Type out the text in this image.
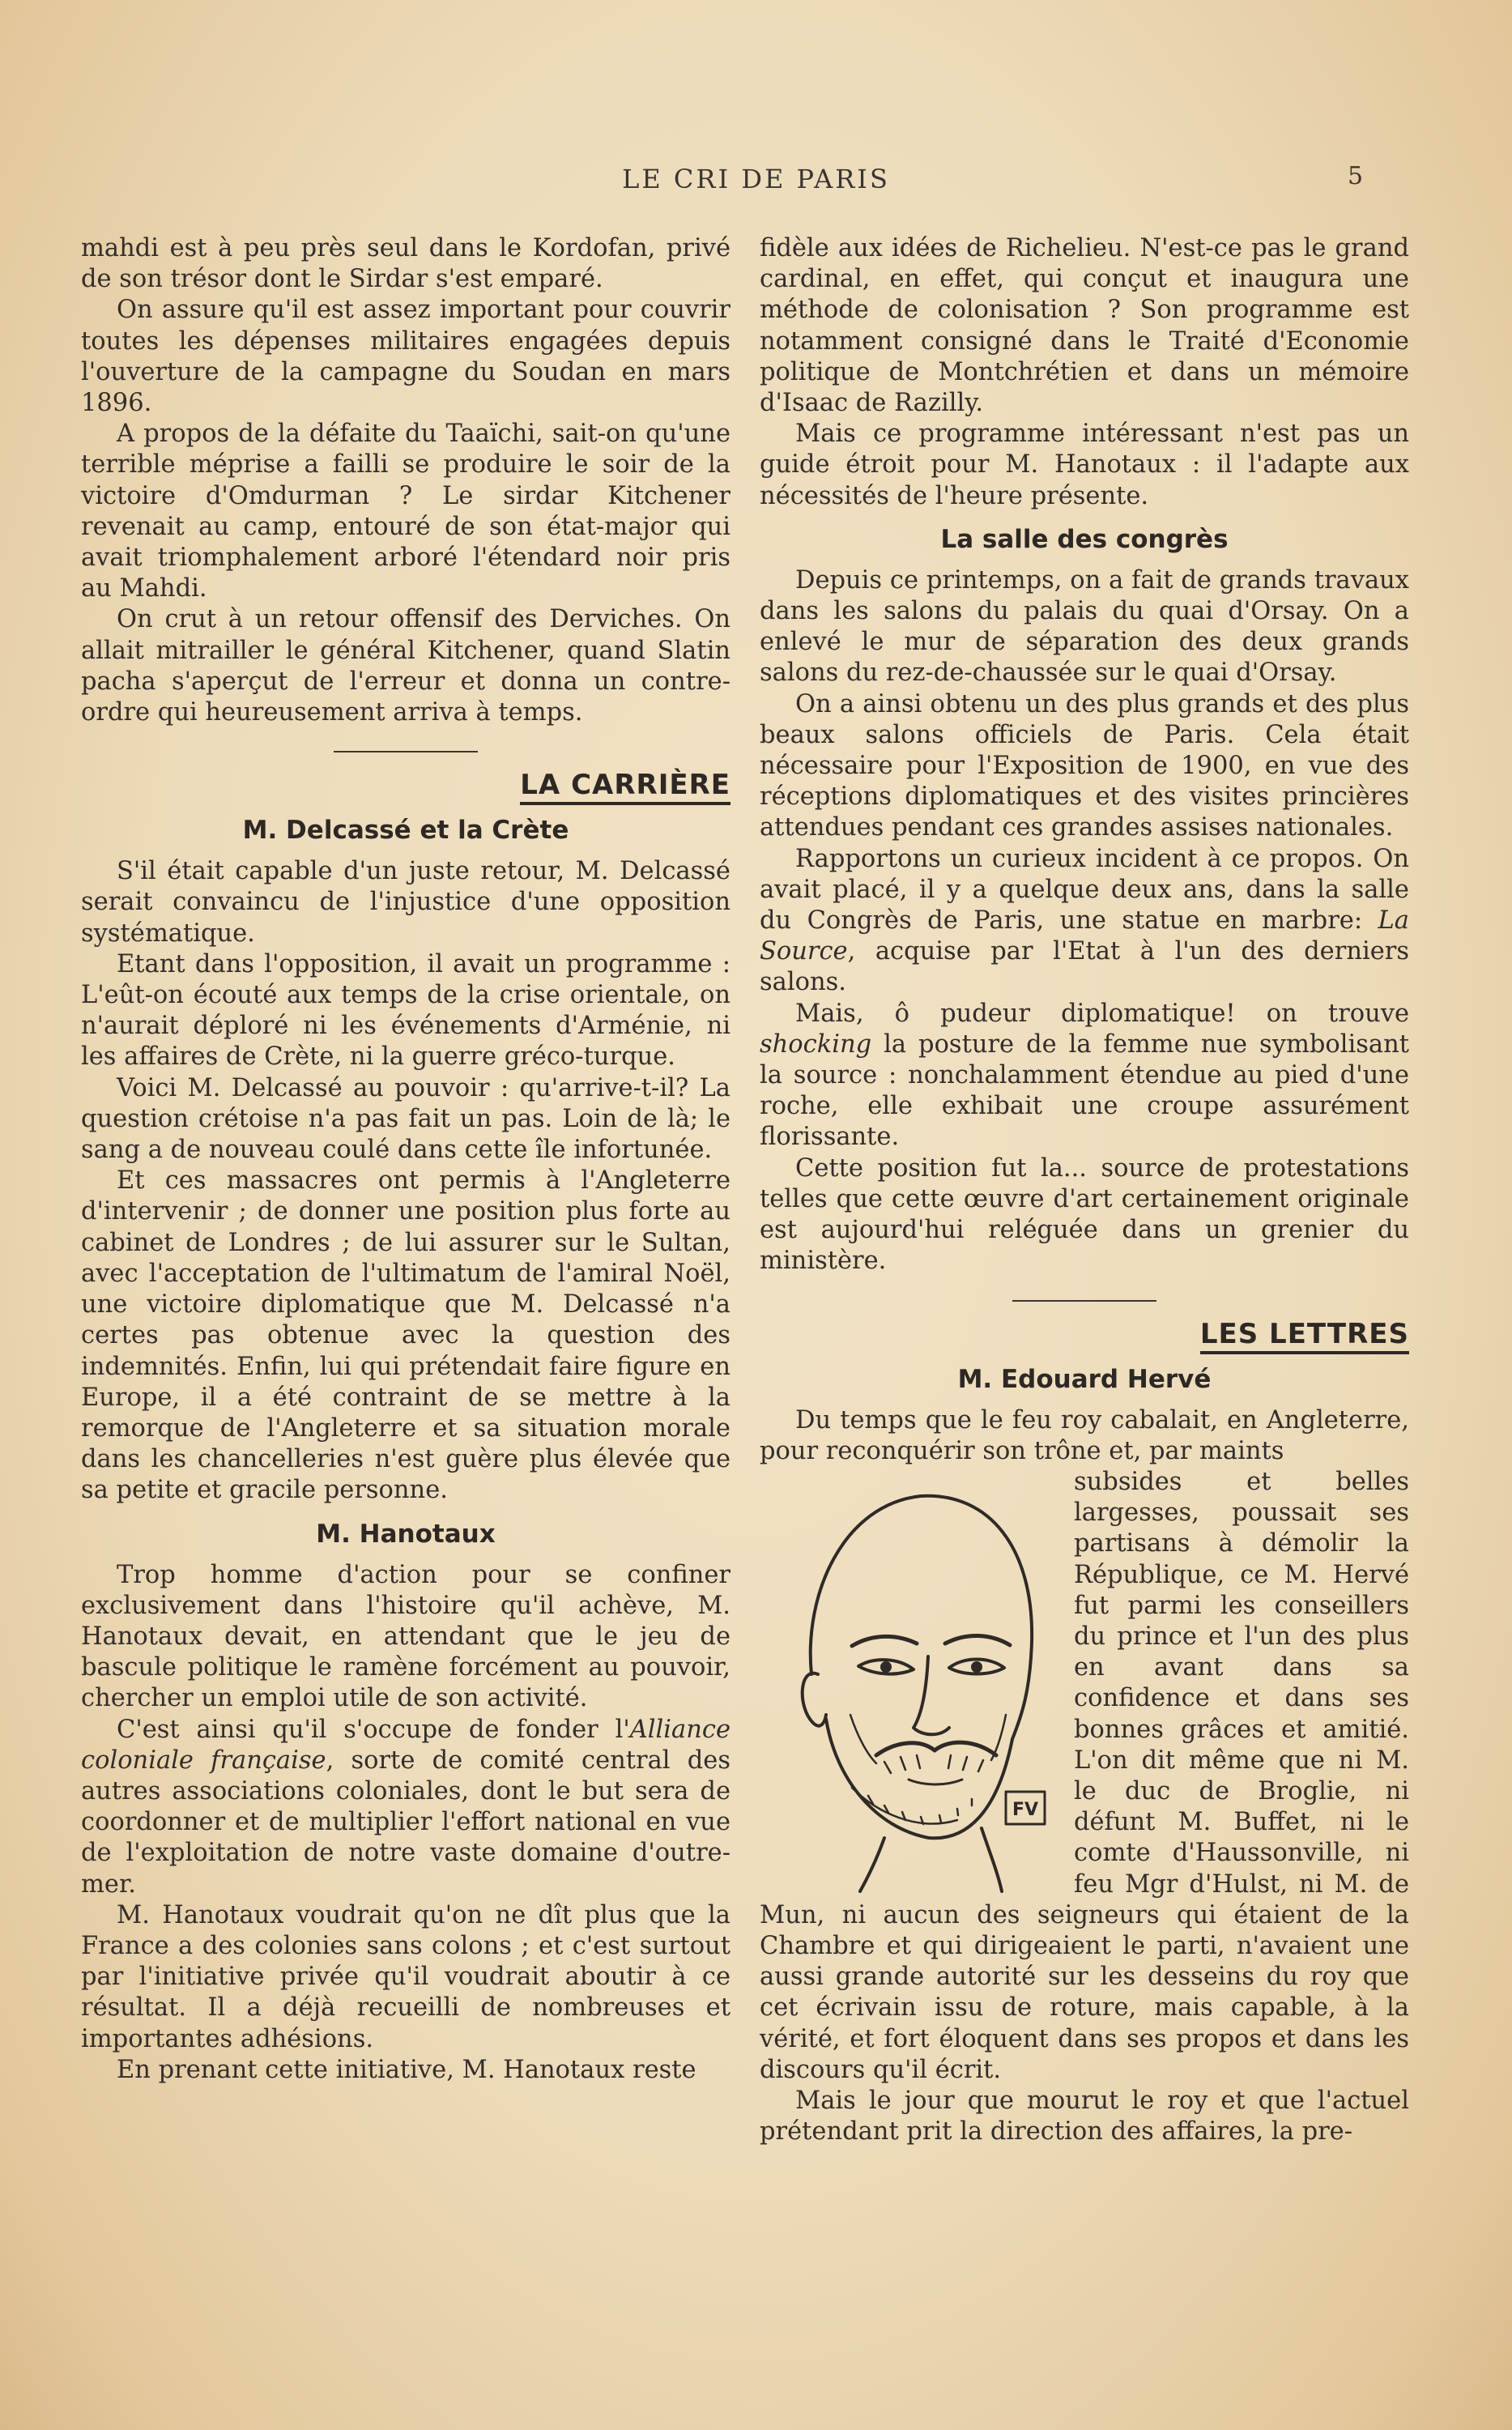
LE CRI DE PARIS	5

mahdi est à peu près seul dans le Kordofan, privé de son trésor dont le Sirdar s'est emparé.

On assure qu'il est assez important pour couvrir toutes les dépenses militaires engagées depuis l'ouverture de la campagne du Soudan en mars 1896.

A propos de la défaite du Taaïchi, sait-on qu'une terrible méprise a failli se produire le soir de la victoire d'Omdurman ? Le sirdar Kitchener revenait au camp, entouré de son état-major qui avait triomphalement arboré l'étendard noir pris au Mahdi.

On crut à un retour offensif des Derviches. On allait mitrailler le général Kitchener, quand Slatin pacha s'aperçut de l'erreur et donna un contre-ordre qui heureusement arriva à temps.

LA CARRIÈRE
M. Delcassé et la Crète

S'il était capable d'un juste retour, M. Delcassé serait convaincu de l'injustice d'une opposition systématique.

Etant dans l'opposition, il avait un programme : L'eût-on écouté aux temps de la crise orientale, on n'aurait déploré ni les événements d'Arménie, ni les affaires de Crète, ni la guerre gréco-turque.

Voici M. Delcassé au pouvoir : qu'arrive-t-il? La question crétoise n'a pas fait un pas. Loin de là; le sang a de nouveau coulé dans cette île infortunée.

Et ces massacres ont permis à l'Angleterre d'intervenir ; de donner une position plus forte au cabinet de Londres ; de lui assurer sur le Sultan, avec l'acceptation de l'ultimatum de l'amiral Noël, une victoire diplomatique que M. Delcassé n'a certes pas obtenue avec la question des indemnités. Enfin, lui qui prétendait faire figure en Europe, il a été contraint de se mettre à la remorque de l'Angleterre et sa situation morale dans les chancelleries n'est guère plus élevée que sa petite et gracile personne.

M. Hanotaux

Trop homme d'action pour se confiner exclusivement dans l'histoire qu'il achève, M. Hanotaux devait, en attendant que le jeu de bascule politique le ramène forcément au pouvoir, chercher un emploi utile de son activité.

C'est ainsi qu'il s'occupe de fonder l'Alliance coloniale française, sorte de comité central des autres associations coloniales, dont le but sera de coordonner et de multiplier l'effort national en vue de l'exploitation de notre vaste domaine d'outre-mer.

M. Hanotaux voudrait qu'on ne dît plus que la France a des colonies sans colons ; et c'est surtout par l'initiative privée qu'il voudrait aboutir à ce résultat. Il a déjà recueilli de nombreuses et importantes adhésions.

En prenant cette initiative, M. Hanotaux reste

fidèle aux idées de Richelieu. N'est-ce pas le grand cardinal, en effet, qui conçut et inaugura une méthode de colonisation ? Son programme est notamment consigné dans le Traité d'Economie politique de Montchrétien et dans un mémoire d'Isaac de Razilly.

Mais ce programme intéressant n'est pas un guide étroit pour M. Hanotaux : il l'adapte aux nécessités de l'heure présente.

La salle des congrès

Depuis ce printemps, on a fait de grands travaux dans les salons du palais du quai d'Orsay. On a enlevé le mur de séparation des deux grands salons du rez-de-chaussée sur le quai d'Orsay.

On a ainsi obtenu un des plus grands et des plus beaux salons officiels de Paris. Cela était nécessaire pour l'Exposition de 1900, en vue des réceptions diplomatiques et des visites princières attendues pendant ces grandes assises nationales.

Rapportons un curieux incident à ce propos. On avait placé, il y a quelque deux ans, dans la salle du Congrès de Paris, une statue en marbre: La Source, acquise par l'Etat à l'un des derniers salons.

Mais, ô pudeur diplomatique! on trouve shocking la posture de la femme nue symbolisant la source : nonchalamment étendue au pied d'une roche, elle exhibait une croupe assurément florissante.

Cette position fut la... source de protestations telles que cette œuvre d'art certainement originale est aujourd'hui reléguée dans un grenier du ministère.

LES LETTRES
M. Edouard Hervé

Du temps que le feu roy cabalait, en Angleterre, pour reconquérir son trône et, par maints

FV

subsides et belles largesses, poussait ses partisans à démolir la République, ce M. Hervé fut parmi les conseillers du prince et l'un des plus en avant dans sa confidence et dans ses bonnes grâces et amitié. L'on dit même que ni M. le duc de Broglie, ni défunt M. Buffet, ni le comte d'Haussonville, ni feu Mgr d'Hulst, ni M. de Mun, ni aucun des seigneurs qui étaient de la Chambre et qui dirigeaient le parti, n'avaient une aussi grande autorité sur les desseins du roy que cet écrivain issu de roture, mais capable, à la vérité, et fort éloquent dans ses propos et dans les discours qu'il écrit.

Mais le jour que mourut le roy et que l'actuel prétendant prit la direction des affaires, la pre-
